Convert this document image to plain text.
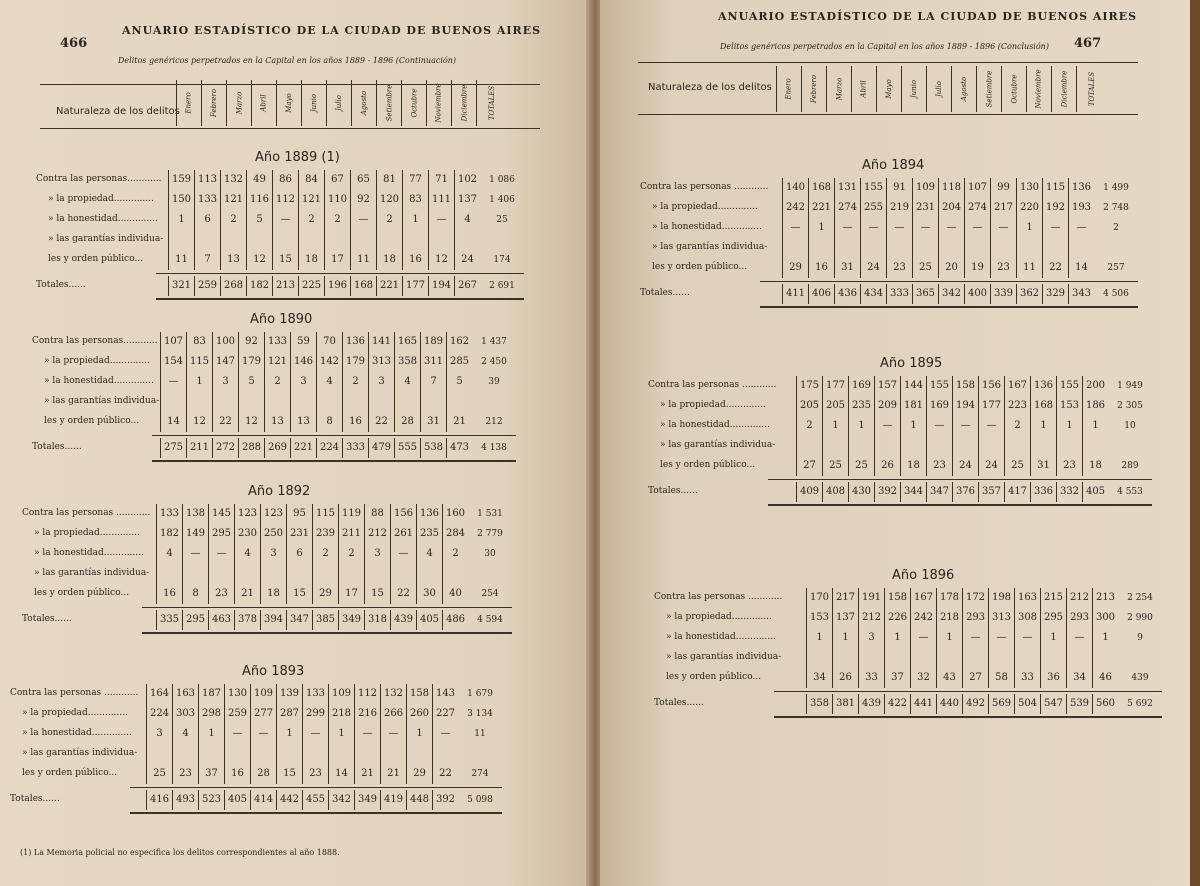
466
ANUARIO ESTADÍSTICO DE LA CIUDAD DE BUENOS AIRES
Delitos genéricos perpetrados en la Capital en los años 1889 - 1896 (Continuación)
Naturaleza de los delitos Enero Febrero Marzo Abril Mayo Junio Julio Agosto Setiembre Octubre Noviembre Diciembre	TOTALES
Año 1889 (1)
Contra las personas............	159 113 132	49	86	84	67	65	81	77	71	102	1 086
» la propiedad..............	150 133 121 116 112 121 110	92	120	83	111 137	1 406
» la honestidad..............	1	6	2	5	—	2	2	—	2	1	—	4	25
» las garantías individua-
les y orden público...	11	7	13	12	15	18	17	11	18	16	12	24	174
Totales......	321 259 268 182 213 225 196 168 221 177 194 267	2 691
Año 1890
Contra las personas............ 107	83	100	92	133	59	70	136 141 165 189 162	1 437
» la propiedad..............	154 115 147 179 121 146 142 179 313 358 311 285	2 450
» la honestidad..............	—	1	3	5	2	3	4	2	3	4	7	5	39
» las garantías individua-
les y orden público...	14	12	22	12	13	13	8	16	22	28	31	21	212
Totales......	275 211 272 288 269 221 224 333 479 555 538 473	4 138
Año 1892
Contra las personas ............ 133 138 145 123 123	95	115 119	88	156 136 160	1 531
» la propiedad..............	182 149 295 230 250 231 239 211 212 261 235 284	2 779
» la honestidad..............	4	—	—	4	3	6	2	2	3	—	4	2	30
» las garantías individua-
les y orden público...	16	8	23	21	18	15	29	17	15	22	30	40	254
Totales......	335 295 463 378 394 347 385 349 318 439 405 486	4 594
Año 1893
Contra las personas ............	164 163 187 130 109 139 133 109 112 132 158 143	1 679
» la propiedad..............	224 303 298 259 277 287 299 218 216 266 260 227	3 134
» la honestidad..............	3	4	1	—	—	1	—	1	—	—	1	—	11
» las garantías individua-
les y orden público...	25	23	37	16	28	15	23	14	21	21	29	22	274
Totales......	416 493 523 405 414 442 455 342 349 419 448 392	5 098
(1) La Memoria policial no especifica los delitos correspondientes al año 1888.
467
ANUARIO ESTADÍSTICO DE LA CIUDAD DE BUENOS AIRES
Delitos genéricos perpetrados en la Capital en los años 1889 - 1896 (Conclusión)
Naturaleza de los delitos Enero Febrero Marzo Abril Mayo Junio Julio Agosto Setiembre Octubre Noviembre Diciembre	TOTALES
Año 1894
Contra las personas ............	140 168 131 155	91	109 118 107	99	130 115 136	1 499
» la propiedad..............	242 221 274 255 219 231 204 274 217 220 192 193	2 748
» la honestidad..............	—	1	—	—	—	—	—	—	—	1	—	—	2
» las garantías individua-
les y orden público...	29	16	31	24	23	25	20	19	23	11	22	14	257
Totales......	411 406 436 434 333 365 342 400 339 362 329 343	4 506
Año 1895
Contra las personas ............	175 177 169 157 144 155 158 156 167 136 155 200	1 949
» la propiedad..............	205 205 235 209 181 169 194 177 223 168 153 186	2 305
» la honestidad..............	2	1	1	—	1	—	—	—	2	1	1	1	10
» las garantías individua-
les y orden público...	27	25	25	26	18	23	24	24	25	31	23	18	289
Totales......	409 408 430 392 344 347 376 357 417 336 332 405	4 553
Año 1896
Contra las personas ............	170 217 191 158 167 178 172 198 163 215 212 213	2 254
» la propiedad..............	153 137 212 226 242 218 293 313 308 295 293 300	2 990
» la honestidad..............	1	1	3	1	—	1	—	—	—	1	—	1	9
» las garantías individua-
les y orden público...	34	26	33	37	32	43	27	58	33	36	34	46	439
Totales......	358 381 439 422 441 440 492 569 504 547 539 560	5 692
